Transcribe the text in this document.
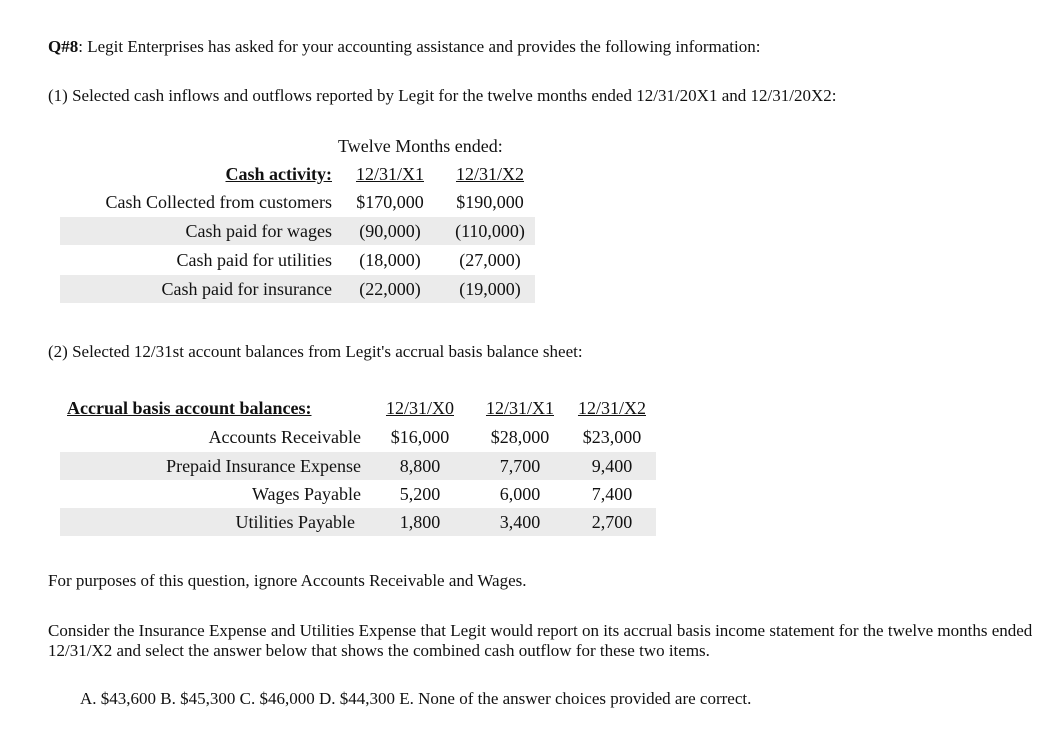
Q#8: Legit Enterprises has asked for your accounting assistance and provides the following information:
(1) Selected cash inflows and outflows reported by Legit for the twelve months ended 12/31/20X1 and 12/31/20X2:
Twelve Months ended:
Cash activity:	12/31/X1	12/31/X2
Cash Collected from customers	$170,000	$190,000
Cash paid for wages	(90,000)	(110,000)
Cash paid for utilities	(18,000)	(27,000)
Cash paid for insurance	(22,000)	(19,000)
(2) Selected 12/31st account balances from Legit's accrual basis balance sheet:
Accrual basis account balances:	12/31/X0	12/31/X1	12/31/X2
Accounts Receivable	$16,000	$28,000	$23,000
Prepaid Insurance Expense	8,800	7,700	9,400
Wages Payable	5,200	6,000	7,400
Utilities Payable	1,800	3,400	2,700
For purposes of this question, ignore Accounts Receivable and Wages.
Consider the Insurance Expense and Utilities Expense that Legit would report on its accrual basis income statement for the twelve months ended 12/31/X2 and select the answer below that shows the combined cash outflow for these two items.
A. $43,600 B. $45,300 C. $46,000 D. $44,300 E. None of the answer choices provided are correct.
